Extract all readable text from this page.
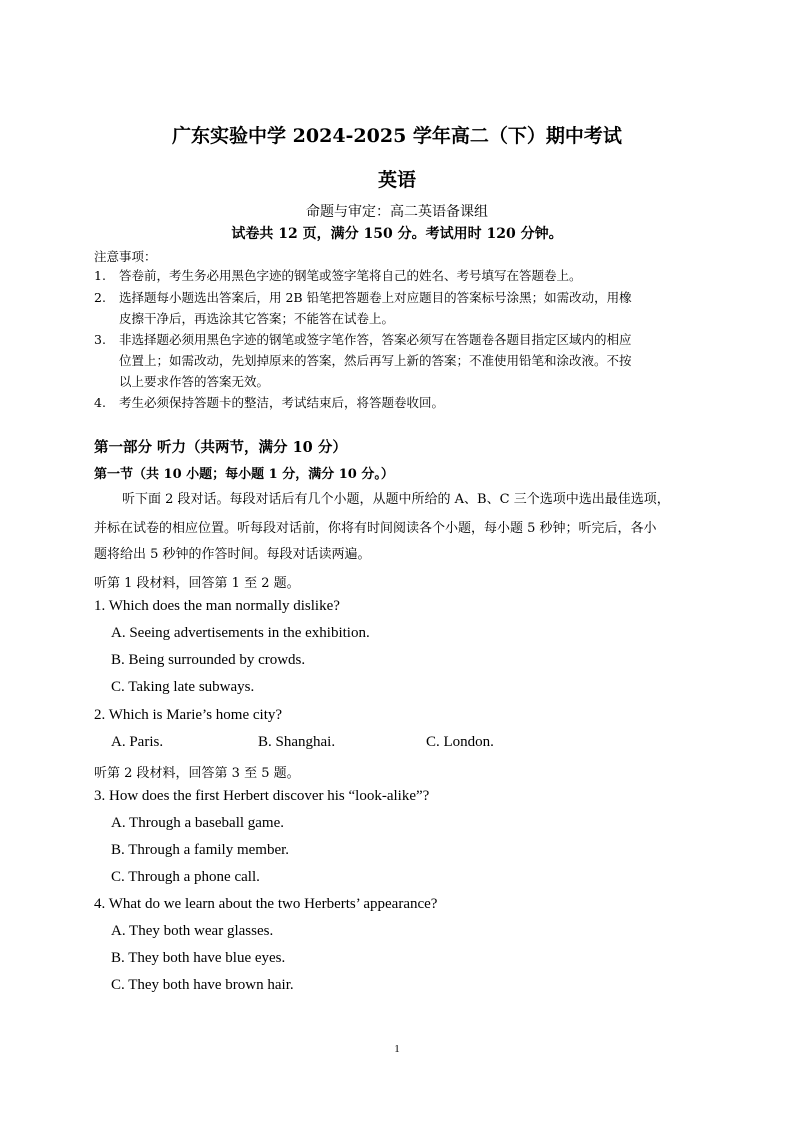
广东实验中学 2024-2025 学年高二（下）期中考试
英语
命题与审定：高二英语备课组
试卷共 12 页，满分 150 分。考试用时 120 分钟。
注意事项：
1. 答卷前，考生务必用黑色字迹的钢笔或签字笔将自己的姓名、考号填写在答题卷上。
2. 选择题每小题选出答案后，用 2B 铅笔把答题卷上对应题目的答案标号涂黑；如需改动，用橡
皮擦干净后，再选涂其它答案；不能答在试卷上。
3. 非选择题必须用黑色字迹的钢笔或签字笔作答，答案必须写在答题卷各题目指定区域内的相应
位置上；如需改动，先划掉原来的答案，然后再写上新的答案；不准使用铅笔和涂改液。不按
以上要求作答的答案无效。
4. 考生必须保持答题卡的整洁，考试结束后，将答题卷收回。
第一部分 听力（共两节，满分 10 分）
第一节（共 10 小题；每小题 1 分，满分 10 分。）
听下面 2 段对话。每段对话后有几个小题，从题中所给的 A、B、C 三个选项中选出最佳选项，
并标在试卷的相应位置。听每段对话前，你将有时间阅读各个小题，每小题 5 秒钟；听完后，各小
题将给出 5 秒钟的作答时间。每段对话读两遍。
听第 1 段材料，回答第 1 至 2 题。
1. Which does the man normally dislike?
A. Seeing advertisements in the exhibition.
B. Being surrounded by crowds.
C. Taking late subways.
2. Which is Marie’s home city?
A. Paris.	B. Shanghai.	C. London.
听第 2 段材料，回答第 3 至 5 题。
3. How does the first Herbert discover his “look-alike”?
A. Through a baseball game.
B. Through a family member.
C. Through a phone call.
4. What do we learn about the two Herberts’ appearance?
A. They both wear glasses.
B. They both have blue eyes.
C. They both have brown hair.
1
